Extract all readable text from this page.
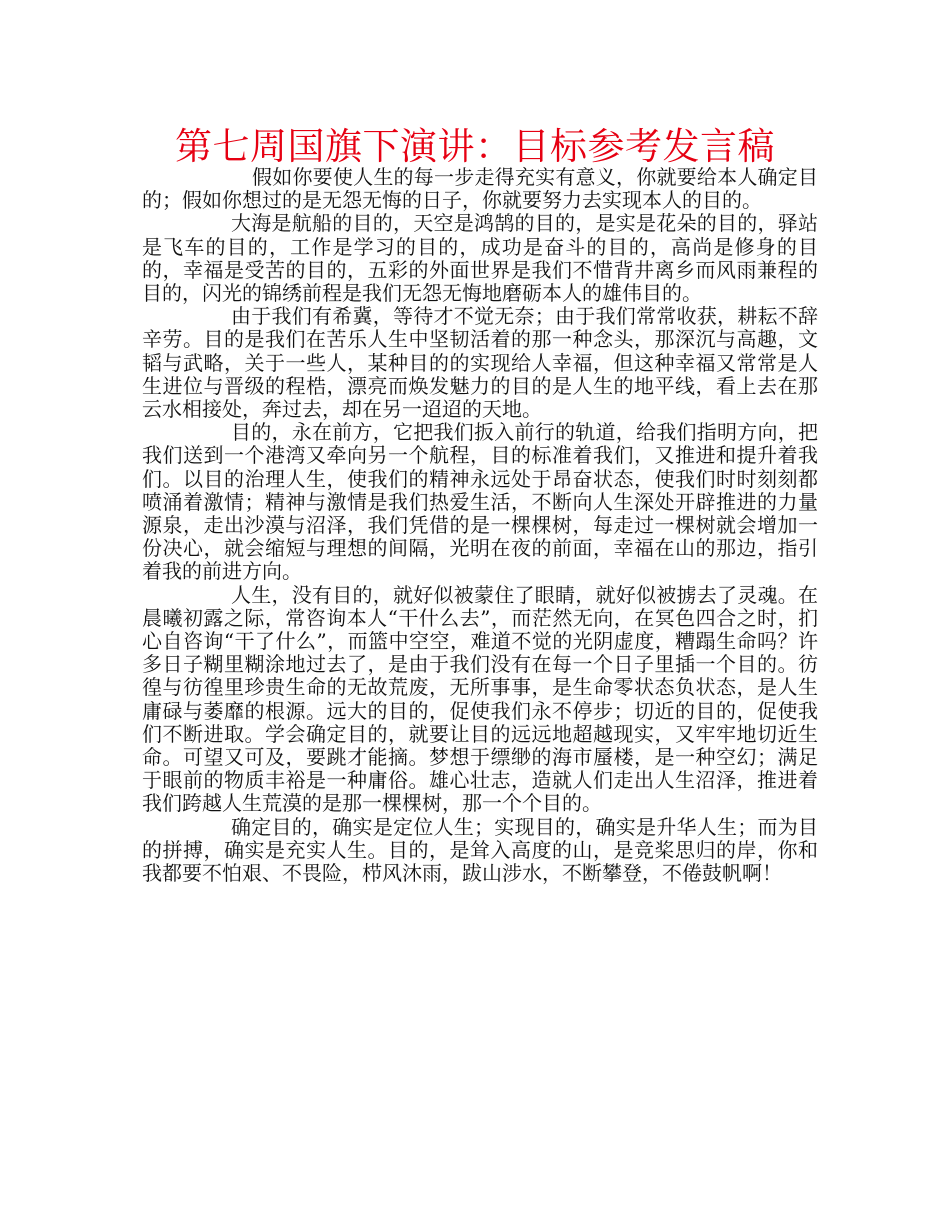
第七周国旗下演讲：目标参考发言稿

假如你要使人生的每一步走得充实有意义，你就要给本人确定目的；假如你想过的是无怨无悔的日子，你就要努力去实现本人的目的。

大海是航船的目的，天空是鸿鹄的目的，是实是花朵的目的，驿站是飞车的目的，工作是学习的目的，成功是奋斗的目的，高尚是修身的目的，幸福是受苦的目的，五彩的外面世界是我们不惜背井离乡而风雨兼程的目的，闪光的锦绣前程是我们无怨无悔地磨砺本人的雄伟目的。

由于我们有希冀，等待才不觉无奈；由于我们常常收获，耕耘不辞辛劳。目的是我们在苦乐人生中坚韧活着的那一种念头，那深沉与高趣，文韬与武略，关于一些人，某种目的的实现给人幸福，但这种幸福又常常是人生进位与晋级的程梏，漂亮而焕发魅力的目的是人生的地平线，看上去在那云水相接处，奔过去，却在另一迢迢的天地。

目的，永在前方，它把我们扳入前行的轨道，给我们指明方向，把我们送到一个港湾又牵向另一个航程，目的标准着我们，又推进和提升着我们。以目的治理人生，使我们的精神永远处于昂奋状态，使我们时时刻刻都喷涌着激情；精神与激情是我们热爱生活，不断向人生深处开辟推进的力量源泉，走出沙漠与沼泽，我们凭借的是一棵棵树，每走过一棵树就会增加一份决心，就会缩短与理想的间隔，光明在夜的前面，幸福在山的那边，指引着我的前进方向。

人生，没有目的，就好似被蒙住了眼睛，就好似被掳去了灵魂。在晨曦初露之际，常咨询本人“干什么去”，而茫然无向，在冥色四合之时，扪心自咨询“干了什么”，而篮中空空，难道不觉的光阴虚度，糟蹋生命吗？许多日子糊里糊涂地过去了，是由于我们没有在每一个日子里插一个目的。彷徨与彷徨里珍贵生命的无故荒废，无所事事，是生命零状态负状态，是人生庸碌与萎靡的根源。远大的目的，促使我们永不停步；切近的目的，促使我们不断进取。学会确定目的，就要让目的远远地超越现实，又牢牢地切近生命。可望又可及，要跳才能摘。梦想于缥缈的海市蜃楼，是一种空幻；满足于眼前的物质丰裕是一种庸俗。雄心壮志，造就人们走出人生沼泽，推进着我们跨越人生荒漠的是那一棵棵树，那一个个目的。

确定目的，确实是定位人生；实现目的，确实是升华人生；而为目的拼搏，确实是充实人生。目的，是耸入高度的山，是竞桨思归的岸，你和我都要不怕艰、不畏险，栉风沐雨，跋山涉水，不断攀登，不倦鼓帆啊！
